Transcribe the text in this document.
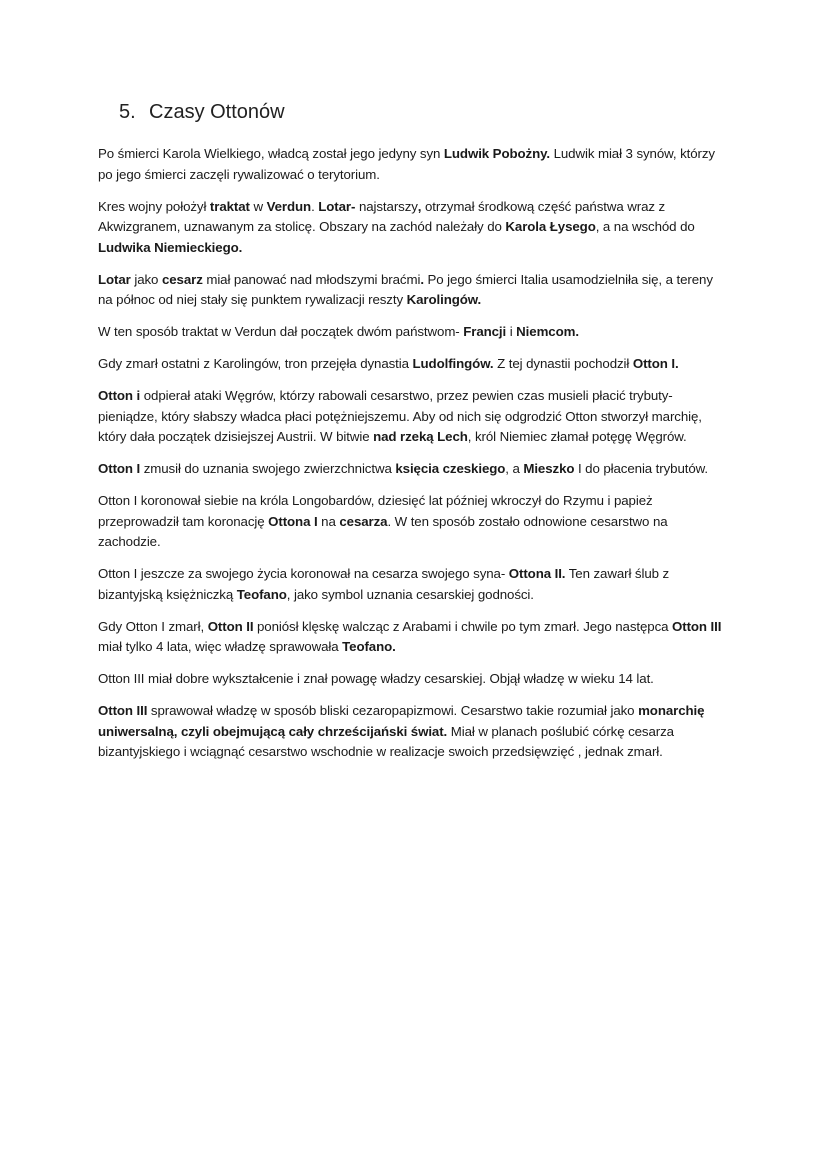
5. Czasy Ottonów

Po śmierci Karola Wielkiego, władcą został jego jedyny syn Ludwik Pobożny. Ludwik miał 3 synów, którzy po jego śmierci zaczęli rywalizować o terytorium.

Kres wojny położył traktat w Verdun. Lotar- najstarszy, otrzymał środkową część państwa wraz z Akwizgranem, uznawanym za stolicę. Obszary na zachód należały do Karola Łysego, a na wschód do Ludwika Niemieckiego.

Lotar jako cesarz miał panować nad młodszymi braćmi. Po jego śmierci Italia usamodzielniła się, a tereny na północ od niej stały się punktem rywalizacji reszty Karolingów.

W ten sposób traktat w Verdun dał początek dwóm państwom- Francji i Niemcom.

Gdy zmarł ostatni z Karolingów, tron przejęła dynastia Ludolfingów. Z tej dynastii pochodził Otton I.

Otton i odpierał ataki Węgrów, którzy rabowali cesarstwo, przez pewien czas musieli płacić trybuty- pieniądze, który słabszy władca płaci potężniejszemu. Aby od nich się odgrodzić Otton stworzył marchię, który dała początek dzisiejszej Austrii. W bitwie nad rzeką Lech, król Niemiec złamał potęgę Węgrów.

Otton I zmusił do uznania swojego zwierzchnictwa księcia czeskiego, a Mieszko I do płacenia trybutów.

Otton I koronował siebie na króla Longobardów, dziesięć lat później wkroczył do Rzymu i papież przeprowadził tam koronację Ottona I na cesarza. W ten sposób zostało odnowione cesarstwo na zachodzie.

Otton I jeszcze za swojego życia koronował na cesarza swojego syna- Ottona II. Ten zawarł ślub z bizantyjską księżniczką Teofano, jako symbol uznania cesarskiej godności.

Gdy Otton I zmarł, Otton II poniósł klęskę walcząc z Arabami i chwile po tym zmarł. Jego następca Otton III miał tylko 4 lata, więc władzę sprawowała Teofano.

Otton III miał dobre wykształcenie i znał powagę władzy cesarskiej. Objął władzę w wieku 14 lat.

Otton III sprawował władzę w sposób bliski cezaropapizmowi. Cesarstwo takie rozumiał jako monarchię uniwersalną, czyli obejmującą cały chrześcijański świat. Miał w planach poślubić córkę cesarza bizantyjskiego i wciągnąć cesarstwo wschodnie w realizacje swoich przedsięwzięć , jednak zmarł.
